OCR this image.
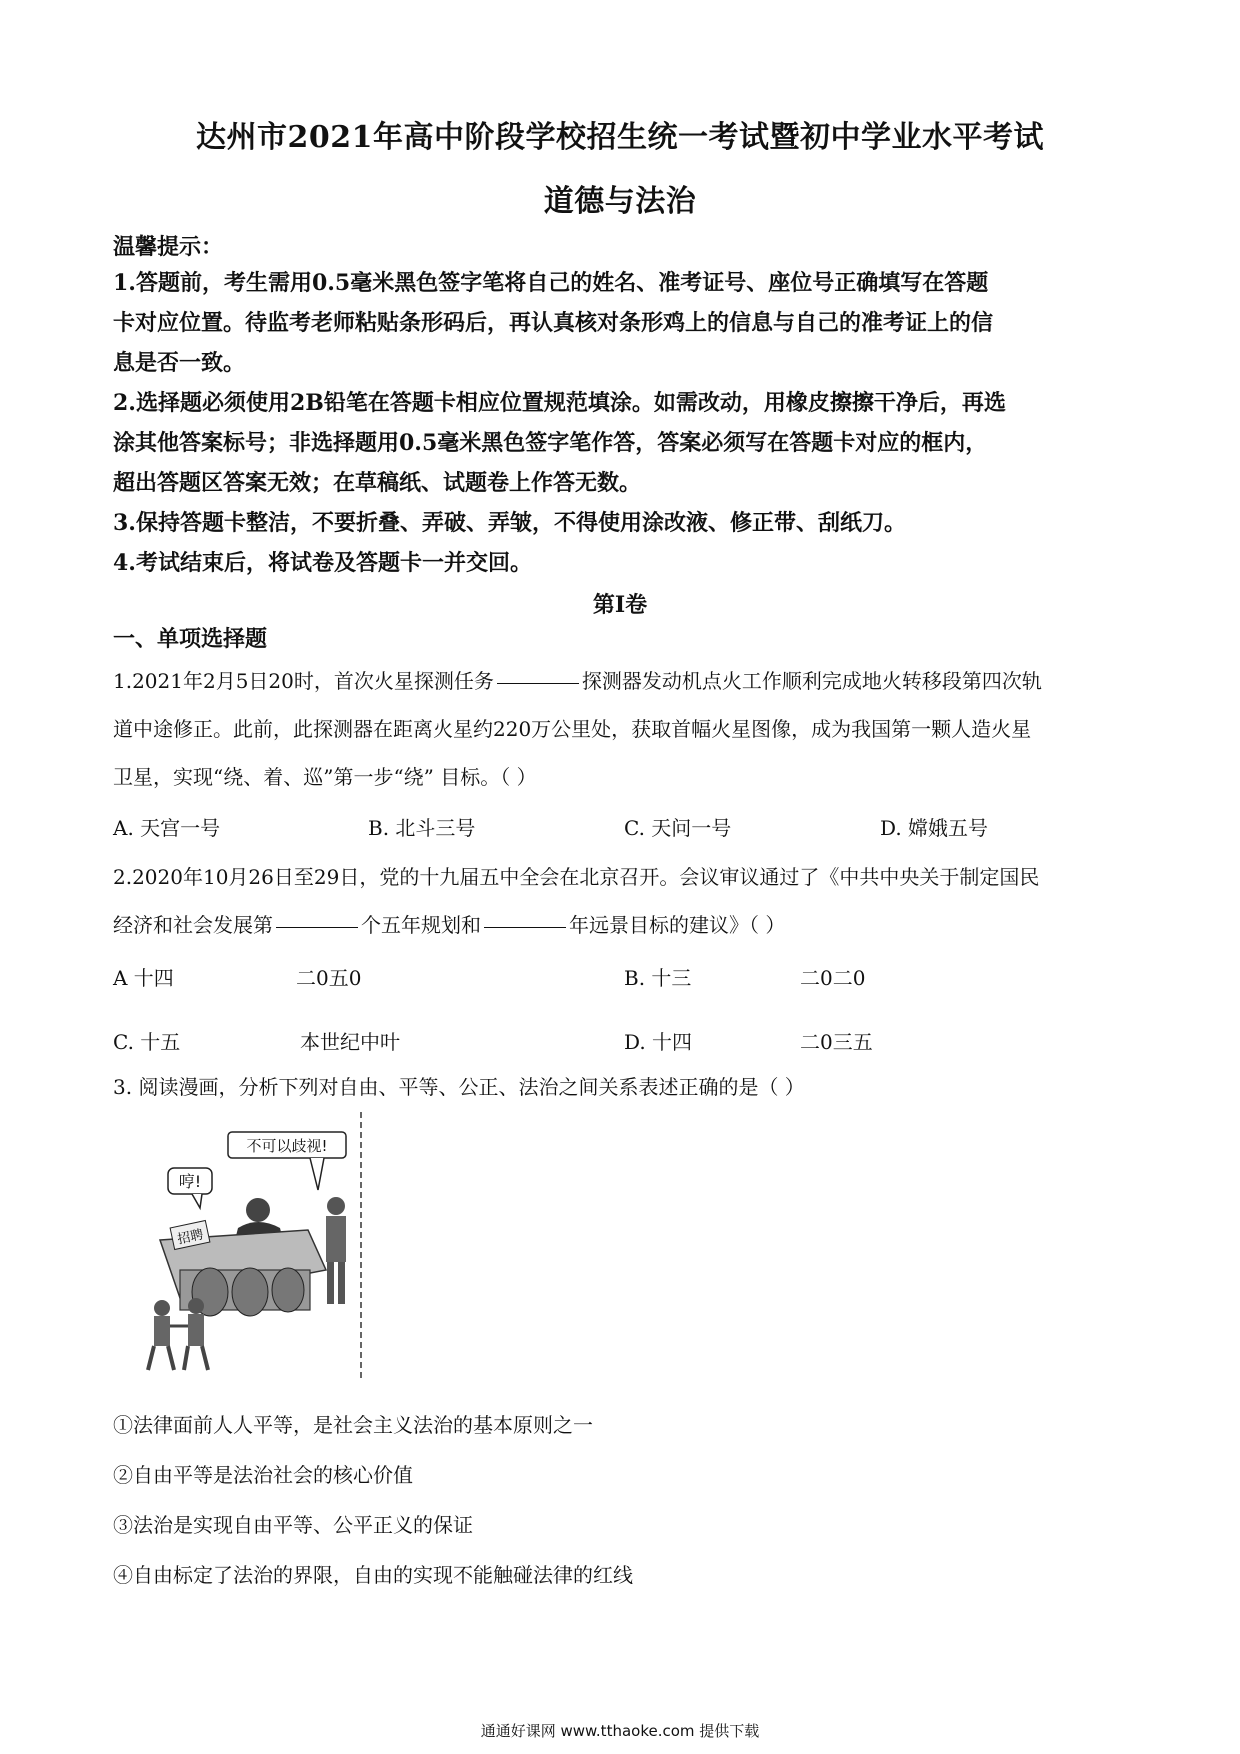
达州市2021年高中阶段学校招生统一考试暨初中学业水平考试
道德与法治
温馨提示：
1.答题前，考生需用0.5毫米黑色签字笔将自己的姓名、准考证号、座位号正确填写在答题
卡对应位置。待监考老师粘贴条形码后，再认真核对条形鸡上的信息与自己的准考证上的信
息是否一致。
2.选择题必须使用2B铅笔在答题卡相应位置规范填涂。如需改动，用橡皮擦擦干净后，再选
涂其他答案标号；非选择题用0.5毫米黑色签字笔作答，答案必须写在答题卡对应的框内，
超出答题区答案无效；在草稿纸、试题卷上作答无数。
3.保持答题卡整洁，不要折叠、弄破、弄皱，不得使用涂改液、修正带、刮纸刀。
4.考试结束后，将试卷及答题卡一并交回。
第I卷
一、单项选择题
1.2021年2月5日20时，首次火星探测任务	探测器发动机点火工作顺利完成地火转移段第四次轨
道中途修正。此前，此探测器在距离火星约220万公里处，获取首幅火星图像，成为我国第一颗人造火星
卫星，实现“绕、着、巡”第一步“绕” 目标。（ ）
A. 天宫一号	B. 北斗三号	C. 天问一号	D. 嫦娥五号
2.2020年10月26日至29日，党的十九届五中全会在北京召开。会议审议通过了《中共中央关于制定国民
经济和社会发展第	个五年规划和	年远景目标的建议》（ ）
A 十四	二0五0	B. 十三	二0二0
C. 十五	本世纪中叶	D. 十四	二0三五
3. 阅读漫画，分析下列对自由、平等、公正、法治之间关系表述正确的是（ ）
哼!
不可以歧视!
招聘
①法律面前人人平等，是社会主义法治的基本原则之一
②自由平等是法治社会的核心价值
③法治是实现自由平等、公平正义的保证
④自由标定了法治的界限，自由的实现不能触碰法律的红线
通通好课网 www.tthaoke.com 提供下载
